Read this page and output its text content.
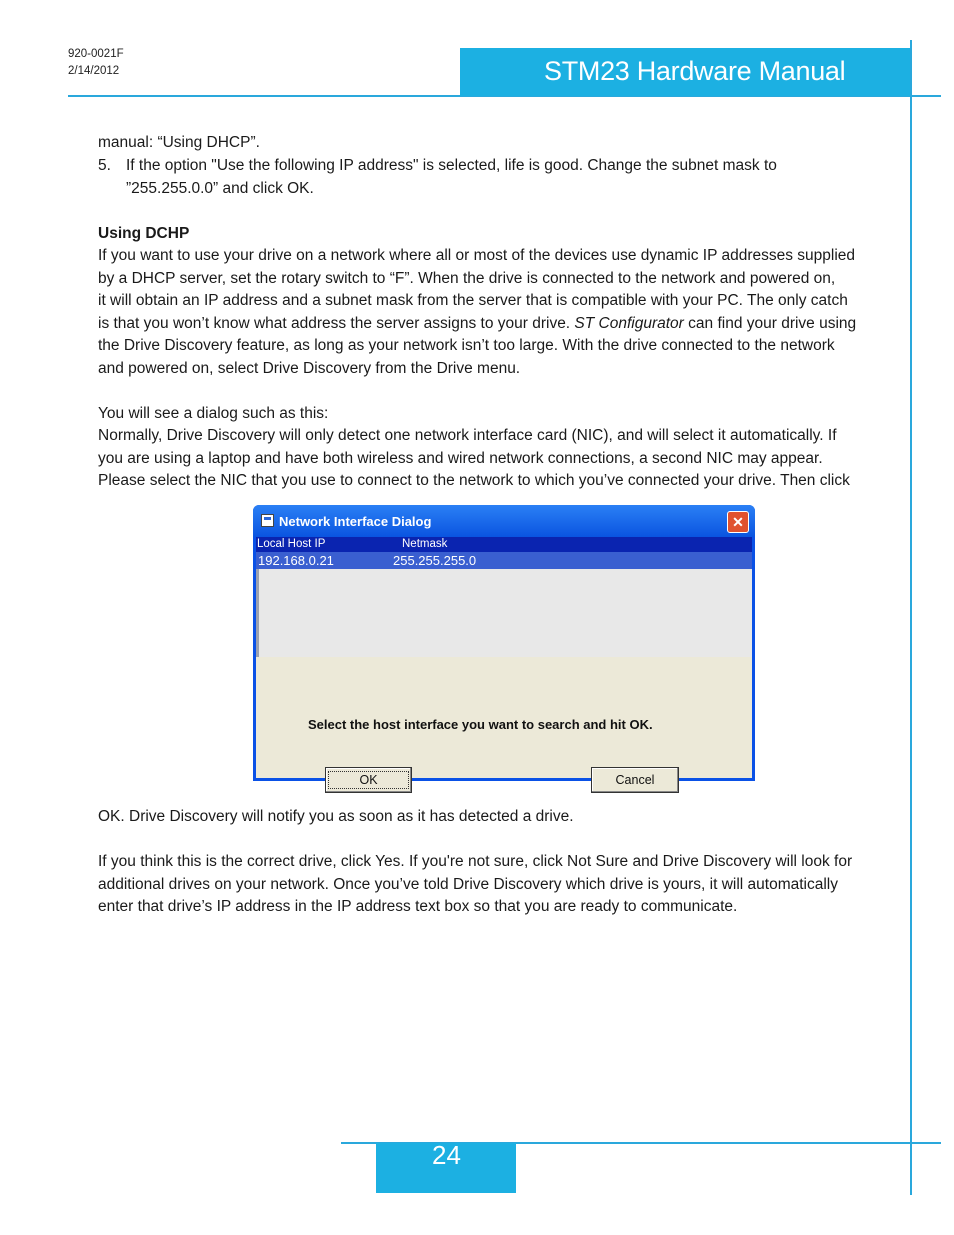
920-0021F
2/14/2012	STM23 Hardware Manual
manual: “Using DHCP”.
5. If the option "Use the following IP address" is selected, life is good. Change the subnet mask to
”255.255.0.0” and click OK.
Using DCHP
If you want to use your drive on a network where all or most of the devices use dynamic IP addresses supplied
by a DHCP server, set the rotary switch to “F”. When the drive is connected to the network and powered on,
it will obtain an IP address and a subnet mask from the server that is compatible with your PC. The only catch
is that you won’t know what address the server assigns to your drive. ST Configurator can find your drive using
the Drive Discovery feature, as long as your network isn’t too large. With the drive connected to the network
and powered on, select Drive Discovery from the Drive menu.
You will see a dialog such as this:
Normally, Drive Discovery will only detect one network interface card (NIC), and will select it automatically. If
you are using a laptop and have both wireless and wired network connections, a second NIC may appear.
Please select the NIC that you use to connect to the network to which you’ve connected your drive. Then click
Network Interface Dialog	✕
Local Host IP	Netmask
192.168.0.21	255.255.255.0
Select the host interface you want to search and hit OK.
OK	Cancel
OK. Drive Discovery will notify you as soon as it has detected a drive.
If you think this is the correct drive, click Yes. If you're not sure, click Not Sure and Drive Discovery will look for
additional drives on your network. Once you’ve told Drive Discovery which drive is yours, it will automatically
enter that drive’s IP address in the IP address text box so that you are ready to communicate.
24
